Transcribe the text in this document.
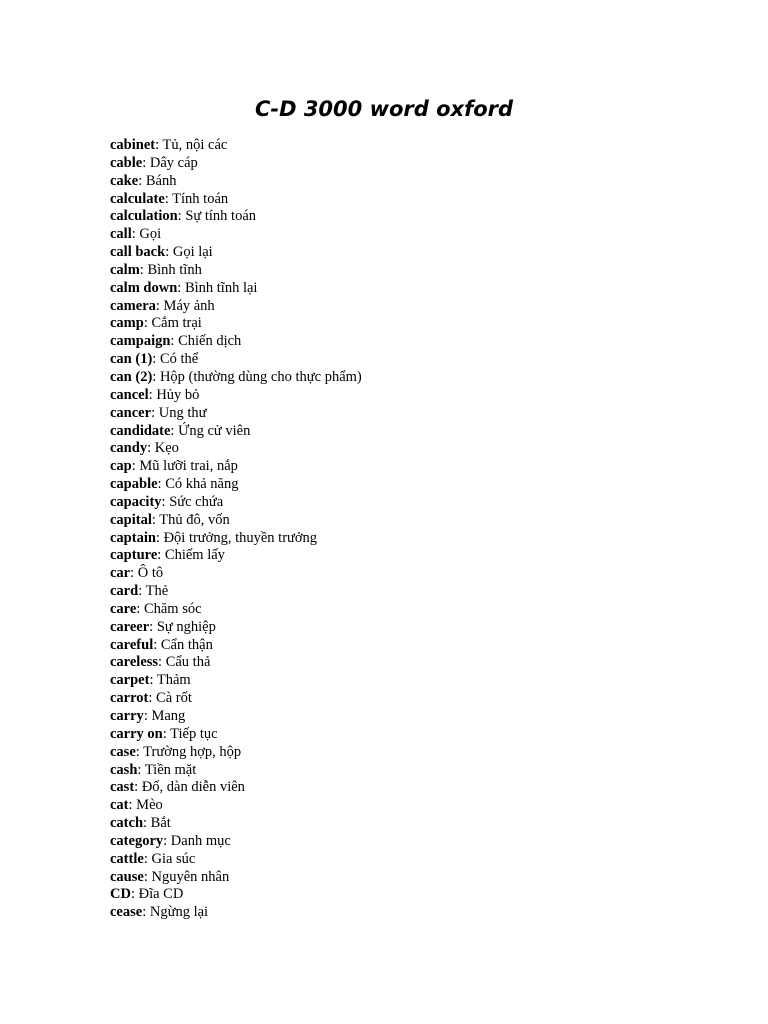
C-D 3000 word oxford
cabinet: Tủ, nội các
cable: Dây cáp
cake: Bánh
calculate: Tính toán
calculation: Sự tính toán
call: Gọi
call back: Gọi lại
calm: Bình tĩnh
calm down: Bình tĩnh lại
camera: Máy ảnh
camp: Cắm trại
campaign: Chiến dịch
can (1): Có thể
can (2): Hộp (thường dùng cho thực phẩm)
cancel: Hủy bỏ
cancer: Ung thư
candidate: Ứng cử viên
candy: Kẹo
cap: Mũ lưỡi trai, nắp
capable: Có khả năng
capacity: Sức chứa
capital: Thủ đô, vốn
captain: Đội trưởng, thuyền trưởng
capture: Chiếm lấy
car: Ô tô
card: Thẻ
care: Chăm sóc
career: Sự nghiệp
careful: Cẩn thận
careless: Cẩu thả
carpet: Thảm
carrot: Cà rốt
carry: Mang
carry on: Tiếp tục
case: Trường hợp, hộp
cash: Tiền mặt
cast: Đổ, dàn diễn viên
cat: Mèo
catch: Bắt
category: Danh mục
cattle: Gia súc
cause: Nguyên nhân
CD: Đĩa CD
cease: Ngừng lại
